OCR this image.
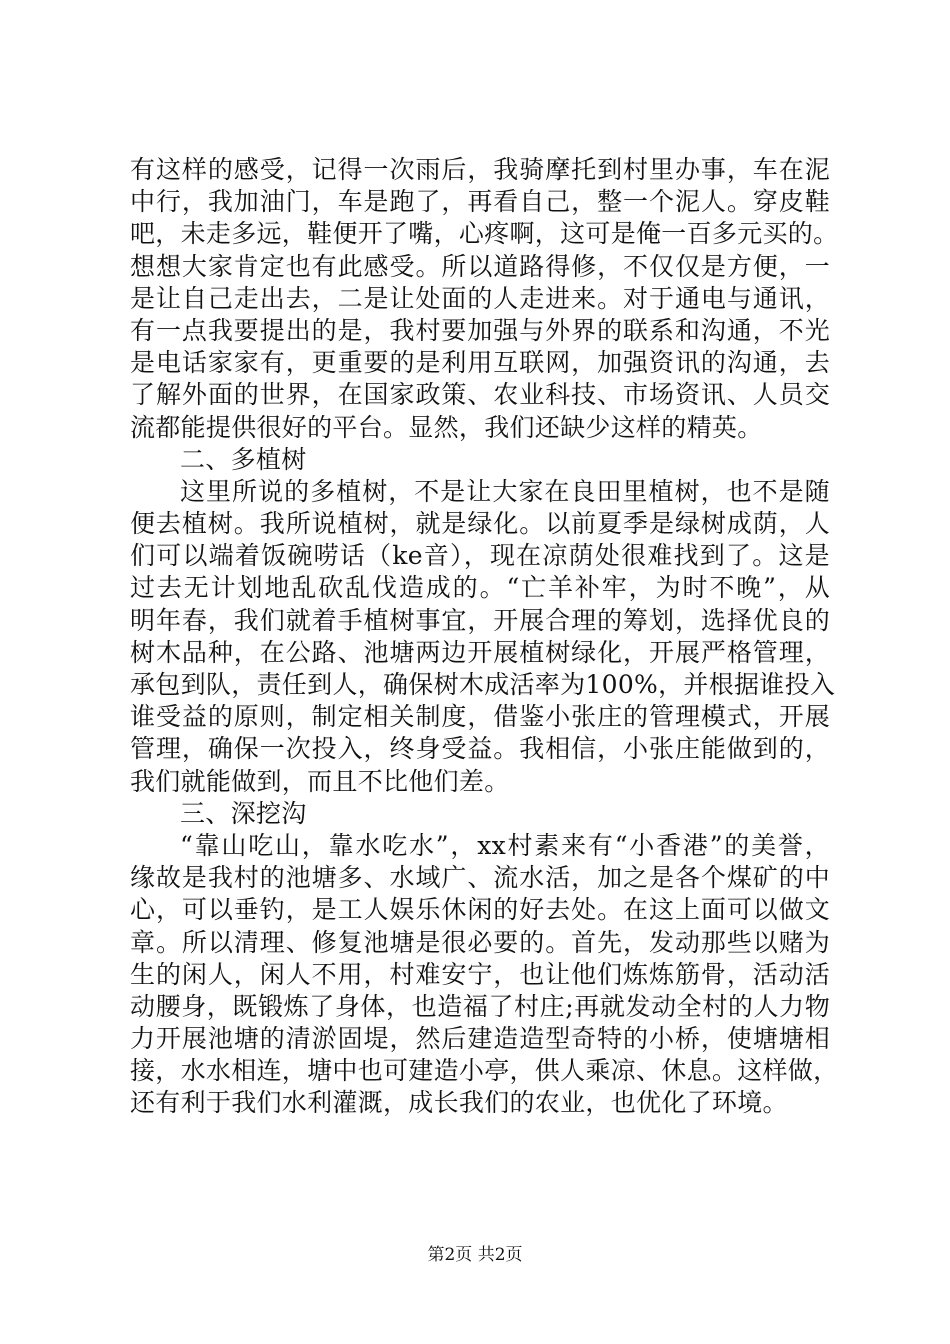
有这样的感受，记得一次雨后，我骑摩托到村里办事，车在泥
中行，我加油门，车是跑了，再看自己，整一个泥人。穿皮鞋
吧，未走多远，鞋便开了嘴，心疼啊，这可是俺一百多元买的。
想想大家肯定也有此感受。所以道路得修，不仅仅是方便，一
是让自己走出去，二是让处面的人走进来。对于通电与通讯，
有一点我要提出的是，我村要加强与外界的联系和沟通，不光
是电话家家有，更重要的是利用互联网，加强资讯的沟通，去
了解外面的世界，在国家政策、农业科技、市场资讯、人员交
流都能提供很好的平台。显然，我们还缺少这样的精英。
二、多植树
这里所说的多植树，不是让大家在良田里植树，也不是随
便去植树。我所说植树，就是绿化。以前夏季是绿树成荫，人
们可以端着饭碗唠话（ke音），现在凉荫处很难找到了。这是
过去无计划地乱砍乱伐造成的。“亡羊补牢，为时不晚”，从
明年春，我们就着手植树事宜，开展合理的筹划，选择优良的
树木品种，在公路、池塘两边开展植树绿化，开展严格管理，
承包到队，责任到人，确保树木成活率为100%，并根据谁投入
谁受益的原则，制定相关制度，借鉴小张庄的管理模式，开展
管理，确保一次投入，终身受益。我相信，小张庄能做到的，
我们就能做到，而且不比他们差。
三、深挖沟
“靠山吃山，靠水吃水”，xx村素来有“小香港”的美誉，
缘故是我村的池塘多、水域广、流水活，加之是各个煤矿的中
心，可以垂钓，是工人娱乐休闲的好去处。在这上面可以做文
章。所以清理、修复池塘是很必要的。首先，发动那些以赌为
生的闲人，闲人不用，村难安宁，也让他们炼炼筋骨，活动活
动腰身，既锻炼了身体，也造福了村庄;再就发动全村的人力物
力开展池塘的清淤固堤，然后建造造型奇特的小桥，使塘塘相
接，水水相连，塘中也可建造小亭，供人乘凉、休息。这样做，
还有利于我们水利灌溉，成长我们的农业，也优化了环境。
第2页 共2页
